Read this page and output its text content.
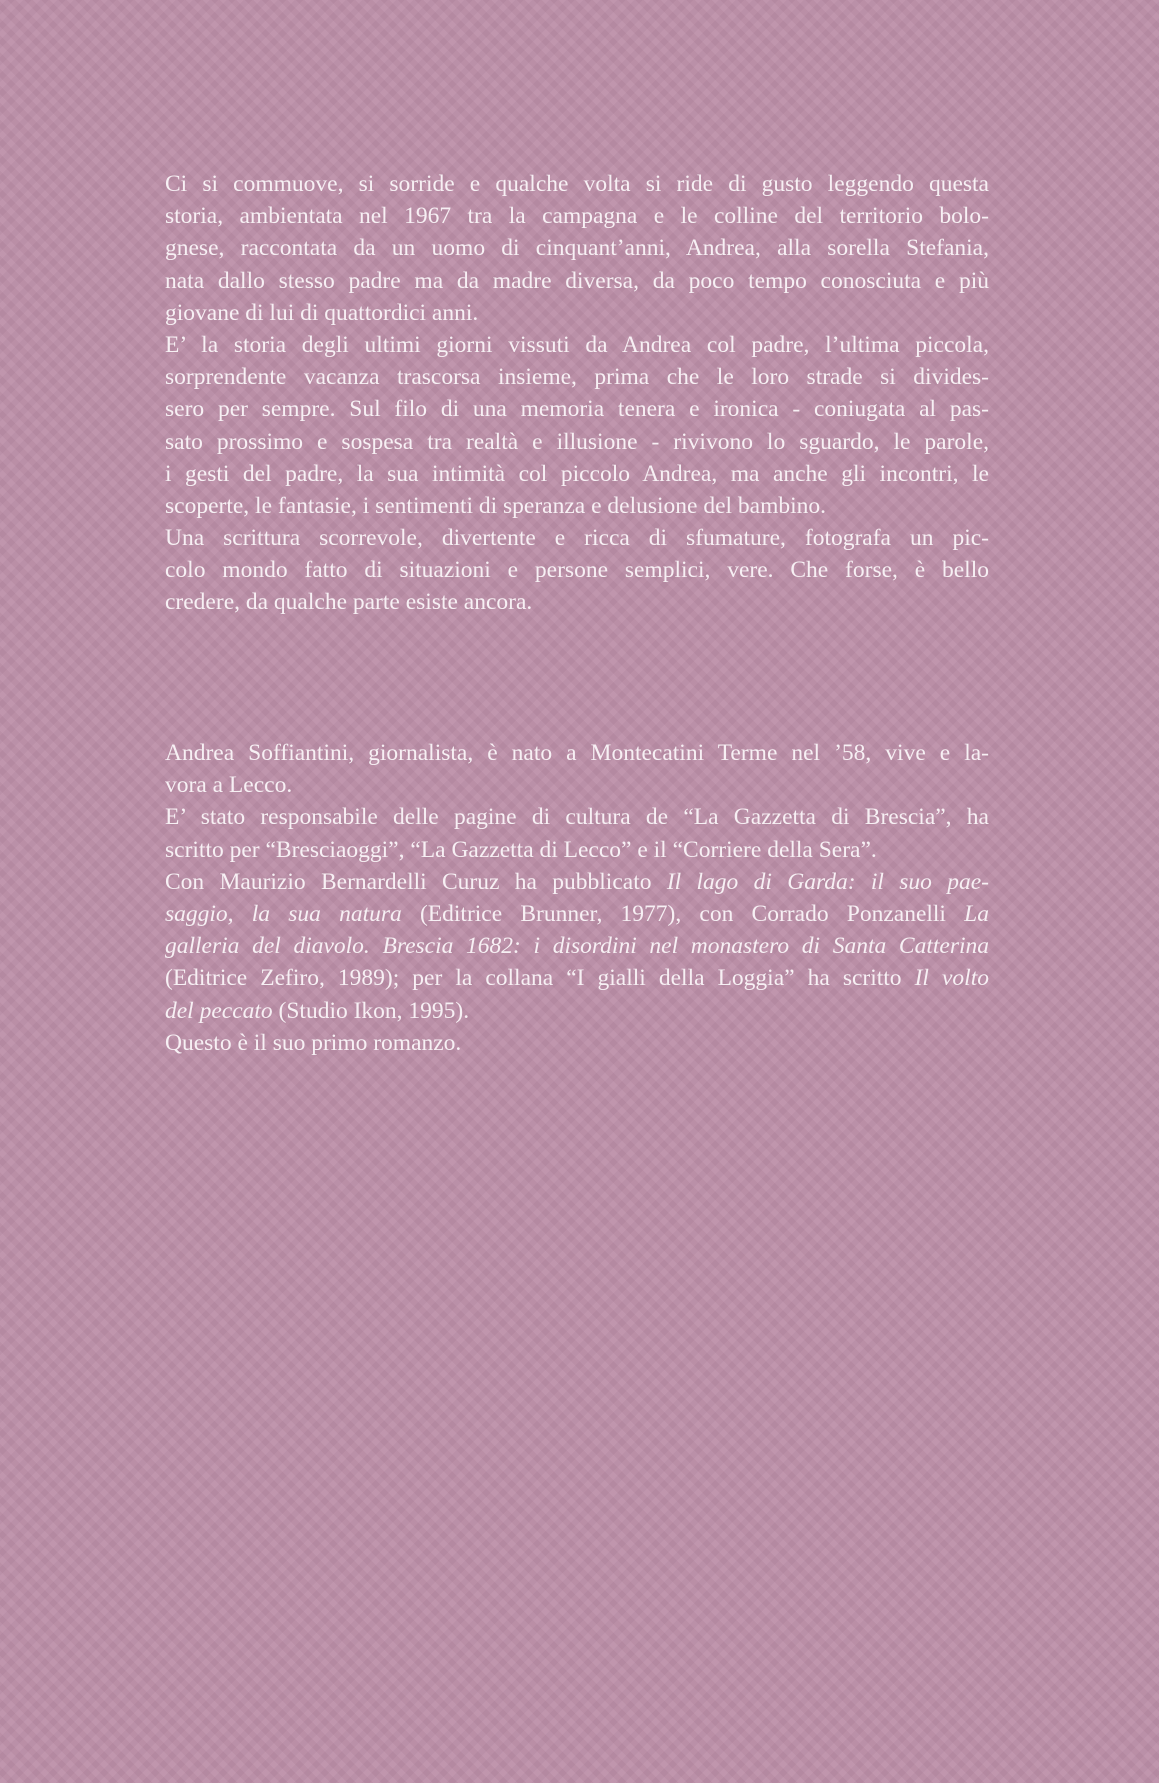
Ci si commuove, si sorride e qualche volta si ride di gusto leggendo questa
storia, ambientata nel 1967 tra la campagna e le colline del territorio bolo-
gnese, raccontata da un uomo di cinquant’anni, Andrea, alla sorella Stefania,
nata dallo stesso padre ma da madre diversa, da poco tempo conosciuta e più
giovane di lui di quattordici anni.
E’ la storia degli ultimi giorni vissuti da Andrea col padre, l’ultima piccola,
sorprendente vacanza trascorsa insieme, prima che le loro strade si divides-
sero per sempre. Sul filo di una memoria tenera e ironica - coniugata al pas-
sato prossimo e sospesa tra realtà e illusione - rivivono lo sguardo, le parole,
i gesti del padre, la sua intimità col piccolo Andrea, ma anche gli incontri, le
scoperte, le fantasie, i sentimenti di speranza e delusione del bambino.
Una scrittura scorrevole, divertente e ricca di sfumature, fotografa un pic-
colo mondo fatto di situazioni e persone semplici, vere. Che forse, è bello
credere, da qualche parte esiste ancora.
Andrea Soffiantini, giornalista, è nato a Montecatini Terme nel ’58, vive e la-
vora a Lecco.
E’ stato responsabile delle pagine di cultura de “La Gazzetta di Brescia”, ha
scritto per “Bresciaoggi”, “La Gazzetta di Lecco” e il “Corriere della Sera”.
Con Maurizio Bernardelli Curuz ha pubblicato Il lago di Garda: il suo pae-
saggio, la sua natura (Editrice Brunner, 1977), con Corrado Ponzanelli La
galleria del diavolo. Brescia 1682: i disordini nel monastero di Santa Catterina
(Editrice Zefiro, 1989); per la collana “I gialli della Loggia” ha scritto Il volto
del peccato (Studio Ikon, 1995).
Questo è il suo primo romanzo.
